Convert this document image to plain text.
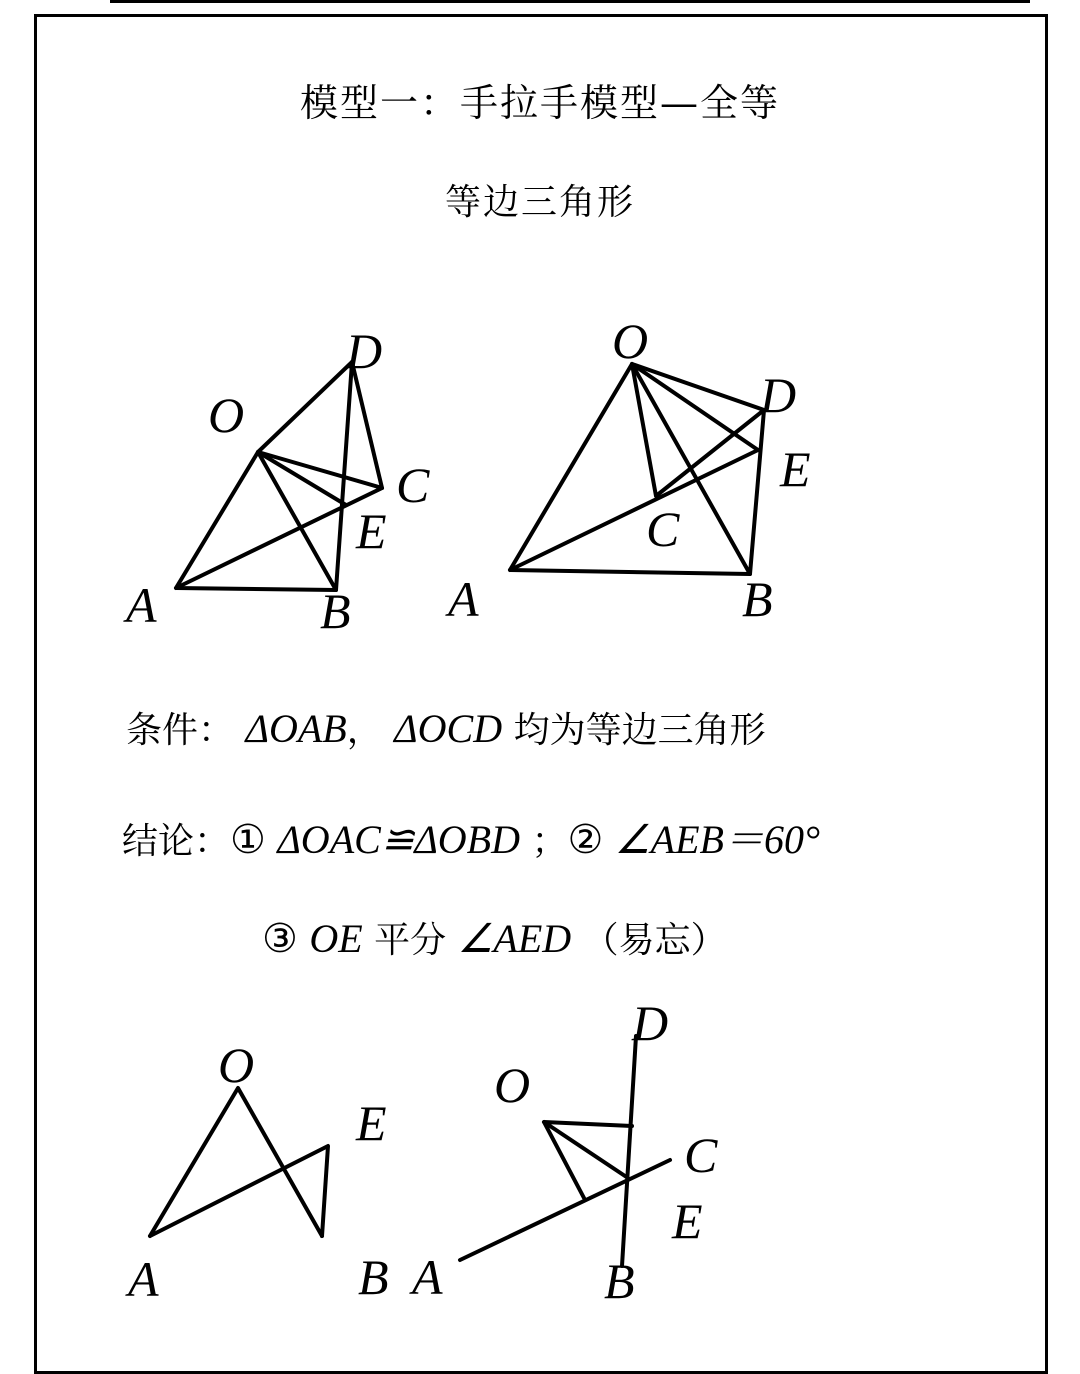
模型一：手拉手模型—全等
等边三角形
O
D
C
E
A	B
O
D
E
C
A	B
O
E
A	B
D
O
C
E
A	B
条件： ΔOAB， ΔOCD 均为等边三角形
结论：① ΔOAC≌ΔOBD ；② ∠AEB＝60°
③ OE 平分 ∠AED （易忘）
